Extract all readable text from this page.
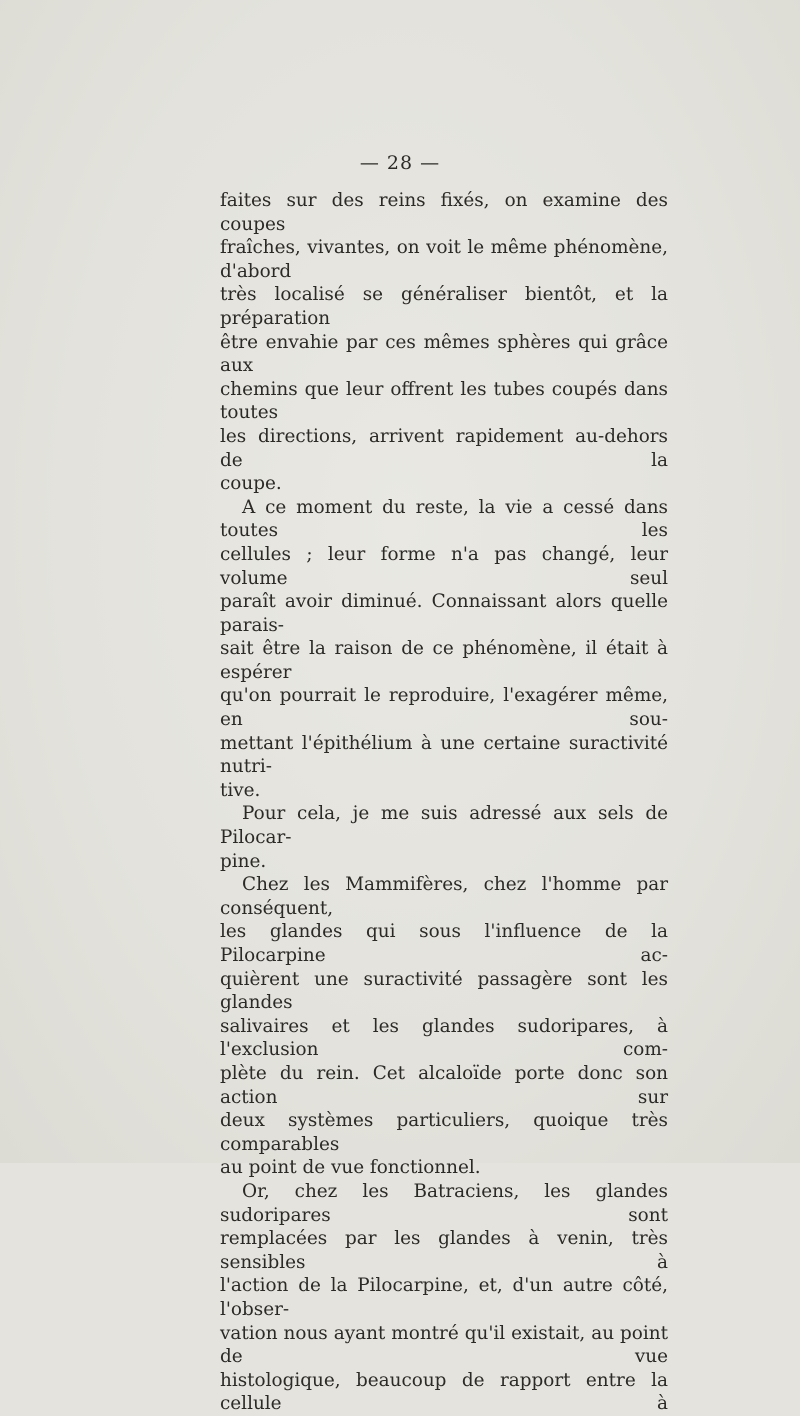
— 28 —

faites sur des reins fixés, on examine des coupes

fraîches, vivantes, on voit le même phénomène, d'abord

très localisé se généraliser bientôt, et la préparation

être envahie par ces mêmes sphères qui grâce aux

chemins que leur offrent les tubes coupés dans toutes

les directions, arrivent rapidement au-dehors de la

coupe.

A ce moment du reste, la vie a cessé dans toutes les

cellules ; leur forme n'a pas changé, leur volume seul

paraît avoir diminué. Connaissant alors quelle parais-

sait être la raison de ce phénomène, il était à espérer

qu'on pourrait le reproduire, l'exagérer même, en sou-

mettant l'épithélium à une certaine suractivité nutri-

tive.

Pour cela, je me suis adressé aux sels de Pilocar-

pine.

Chez les Mammifères, chez l'homme par conséquent,

les glandes qui sous l'influence de la Pilocarpine ac-

quièrent une suractivité passagère sont les glandes

salivaires et les glandes sudoripares, à l'exclusion com-

plète du rein. Cet alcaloïde porte donc son action sur

deux systèmes particuliers, quoique très comparables

au point de vue fonctionnel.

Or, chez les Batraciens, les glandes sudoripares sont

remplacées par les glandes à venin, très sensibles à

l'action de la Pilocarpine, et, d'un autre côté, l'obser-

vation nous ayant montré qu'il existait, au point de vue

histologique, beaucoup de rapport entre la cellule à
